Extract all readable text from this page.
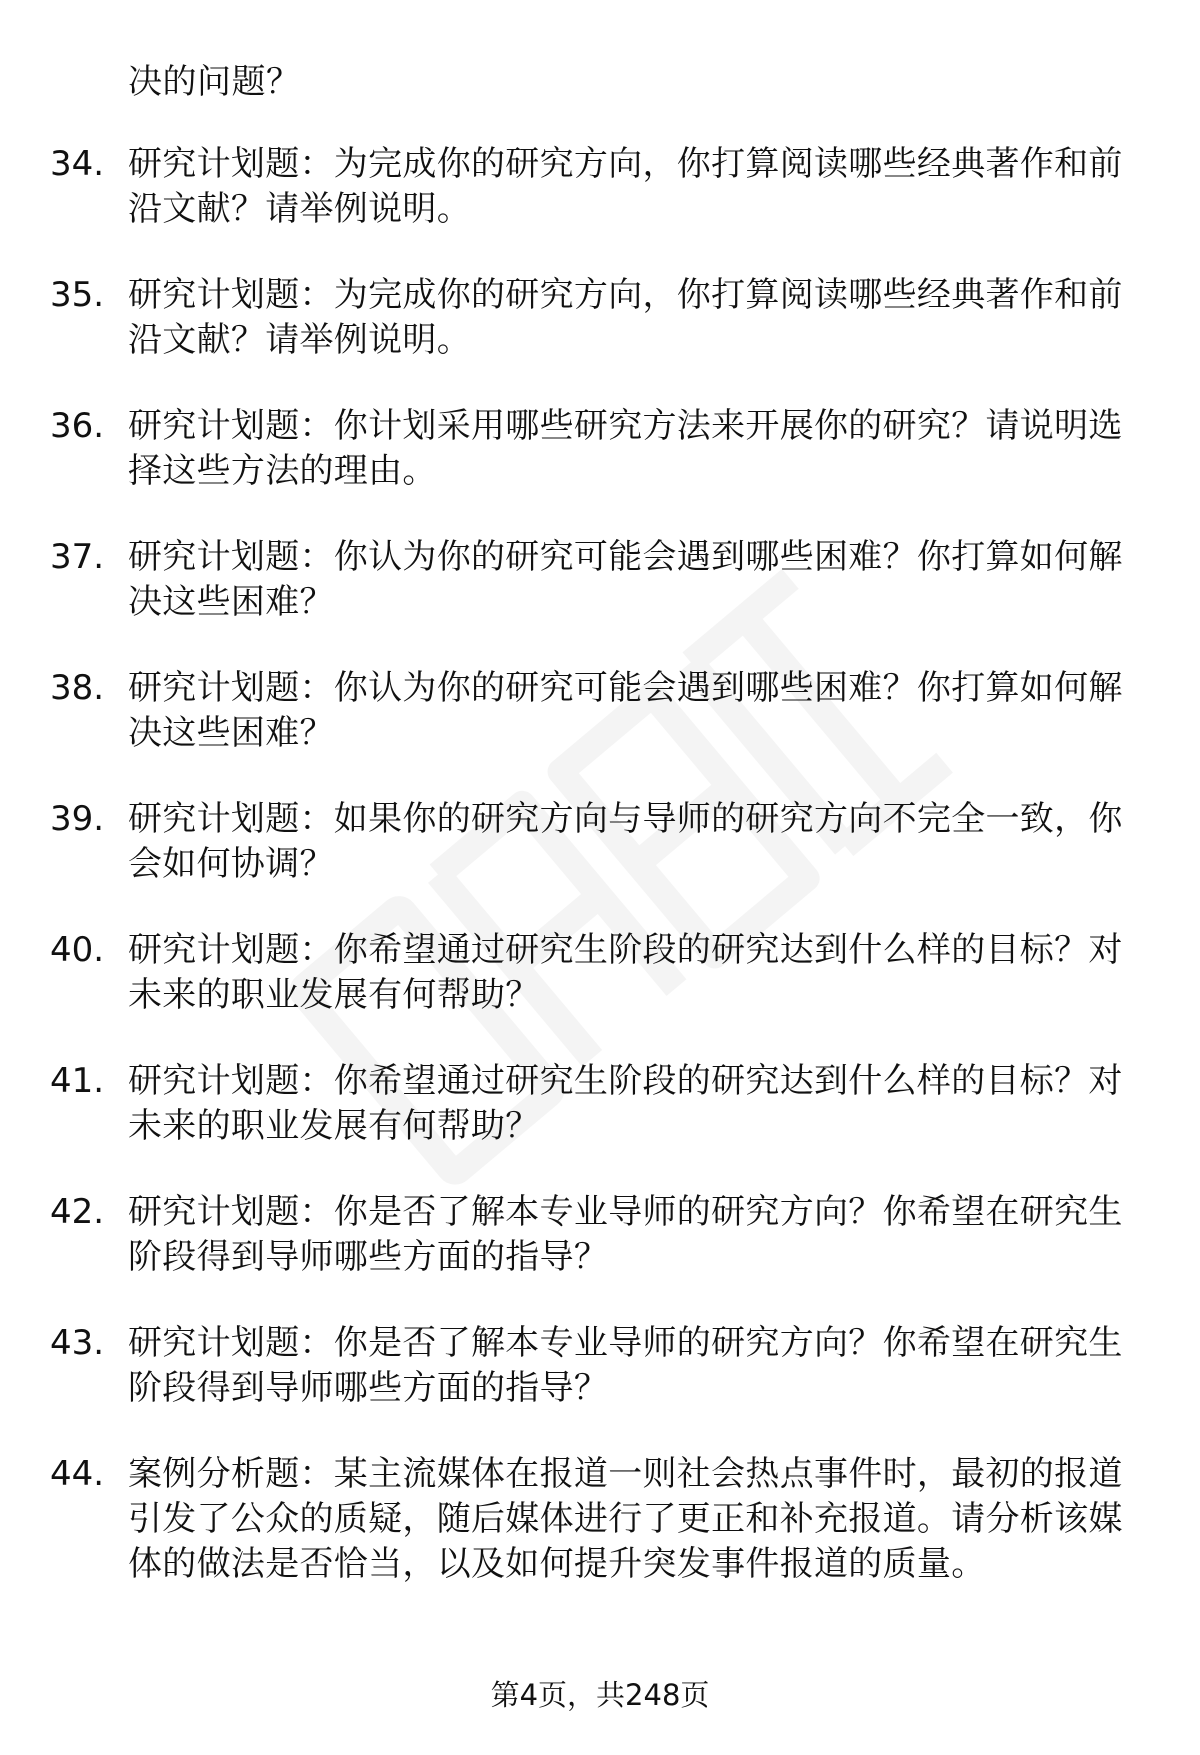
决的问题？
34. 研究计划题：为完成你的研究方向，你打算阅读哪些经典著作和前沿文献？请举例说明。
35. 研究计划题：为完成你的研究方向，你打算阅读哪些经典著作和前沿文献？请举例说明。
36. 研究计划题：你计划采用哪些研究方法来开展你的研究？请说明选择这些方法的理由。
37. 研究计划题：你认为你的研究可能会遇到哪些困难？你打算如何解决这些困难？
38. 研究计划题：你认为你的研究可能会遇到哪些困难？你打算如何解决这些困难？
39. 研究计划题：如果你的研究方向与导师的研究方向不完全一致，你会如何协调？
40. 研究计划题：你希望通过研究生阶段的研究达到什么样的目标？对未来的职业发展有何帮助？
41. 研究计划题：你希望通过研究生阶段的研究达到什么样的目标？对未来的职业发展有何帮助？
42. 研究计划题：你是否了解本专业导师的研究方向？你希望在研究生阶段得到导师哪些方面的指导？
43. 研究计划题：你是否了解本专业导师的研究方向？你希望在研究生阶段得到导师哪些方面的指导？
44. 案例分析题：某主流媒体在报道一则社会热点事件时，最初的报道引发了公众的质疑，随后媒体进行了更正和补充报道。请分析该媒体的做法是否恰当，以及如何提升突发事件报道的质量。
第4页，共248页
